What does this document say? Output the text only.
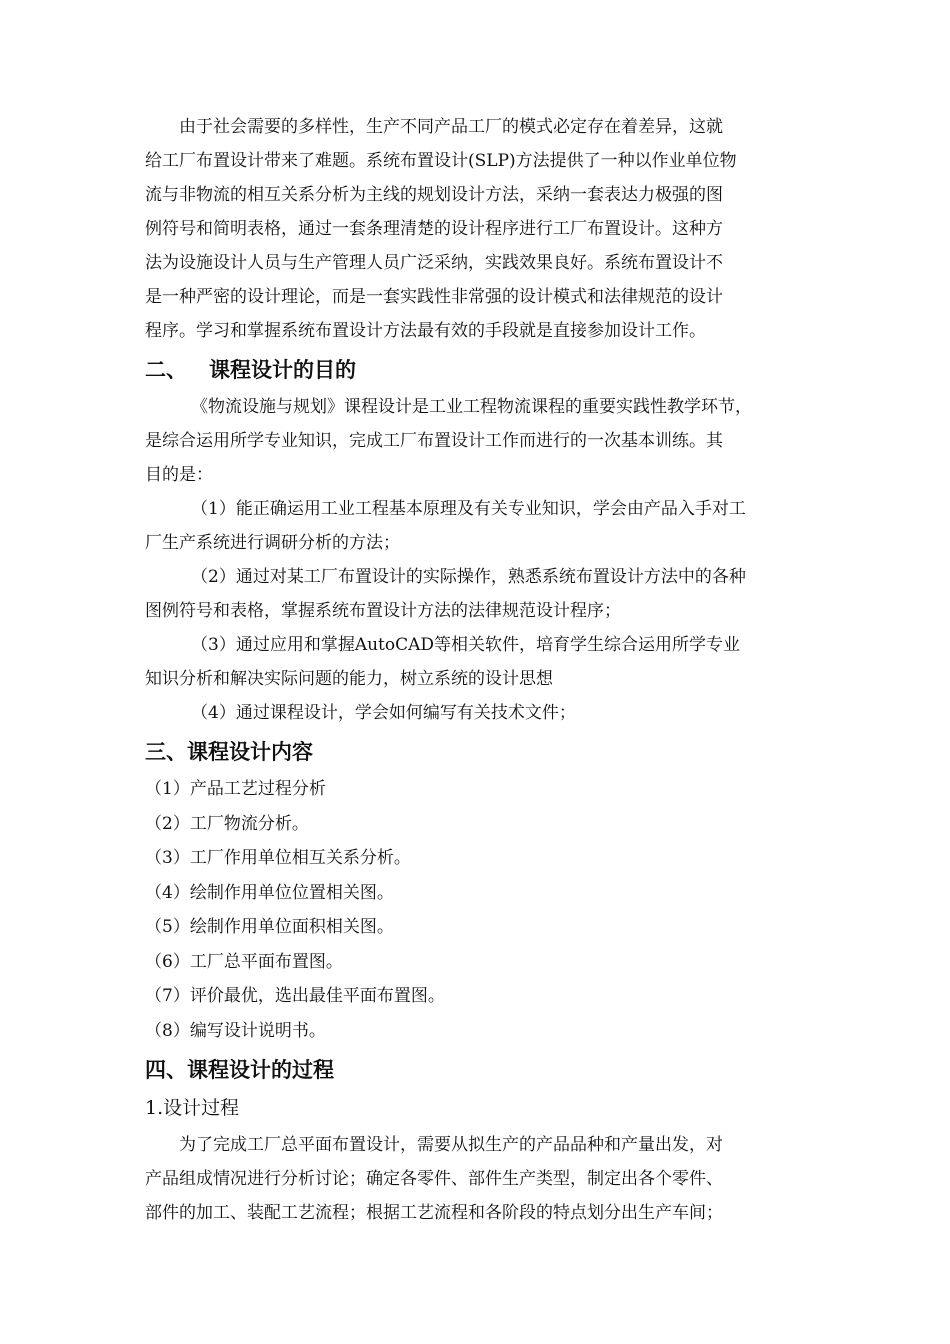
由于社会需要的多样性，生产不同产品工厂的模式必定存在着差异，这就
给工厂布置设计带来了难题。系统布置设计(SLP)方法提供了一种以作业单位物
流与非物流的相互关系分析为主线的规划设计方法，采纳一套表达力极强的图
例符号和简明表格，通过一套条理清楚的设计程序进行工厂布置设计。这种方
法为设施设计人员与生产管理人员广泛采纳，实践效果良好。系统布置设计不
是一种严密的设计理论，而是一套实践性非常强的设计模式和法律规范的设计
程序。学习和掌握系统布置设计方法最有效的手段就是直接参加设计工作。
二、 课程设计的目的
《物流设施与规划》课程设计是工业工程物流课程的重要实践性教学环节，
是综合运用所学专业知识，完成工厂布置设计工作而进行的一次基本训练。其
目的是：
（1）能正确运用工业工程基本原理及有关专业知识，学会由产品入手对工
厂生产系统进行调研分析的方法；
（2）通过对某工厂布置设计的实际操作，熟悉系统布置设计方法中的各种
图例符号和表格，掌握系统布置设计方法的法律规范设计程序；
（3）通过应用和掌握AutoCAD等相关软件，培育学生综合运用所学专业
知识分析和解决实际问题的能力，树立系统的设计思想
（4）通过课程设计，学会如何编写有关技术文件；
三、课程设计内容
（1）产品工艺过程分析
（2）工厂物流分析。
（3）工厂作用单位相互关系分析。
（4）绘制作用单位位置相关图。
（5）绘制作用单位面积相关图。
（6）工厂总平面布置图。
（7）评价最优，选出最佳平面布置图。
（8）编写设计说明书。
四、课程设计的过程
1.设计过程
为了完成工厂总平面布置设计，需要从拟生产的产品品种和产量出发，对
产品组成情况进行分析讨论；确定各零件、部件生产类型，制定出各个零件、
部件的加工、装配工艺流程；根据工艺流程和各阶段的特点划分出生产车间；
